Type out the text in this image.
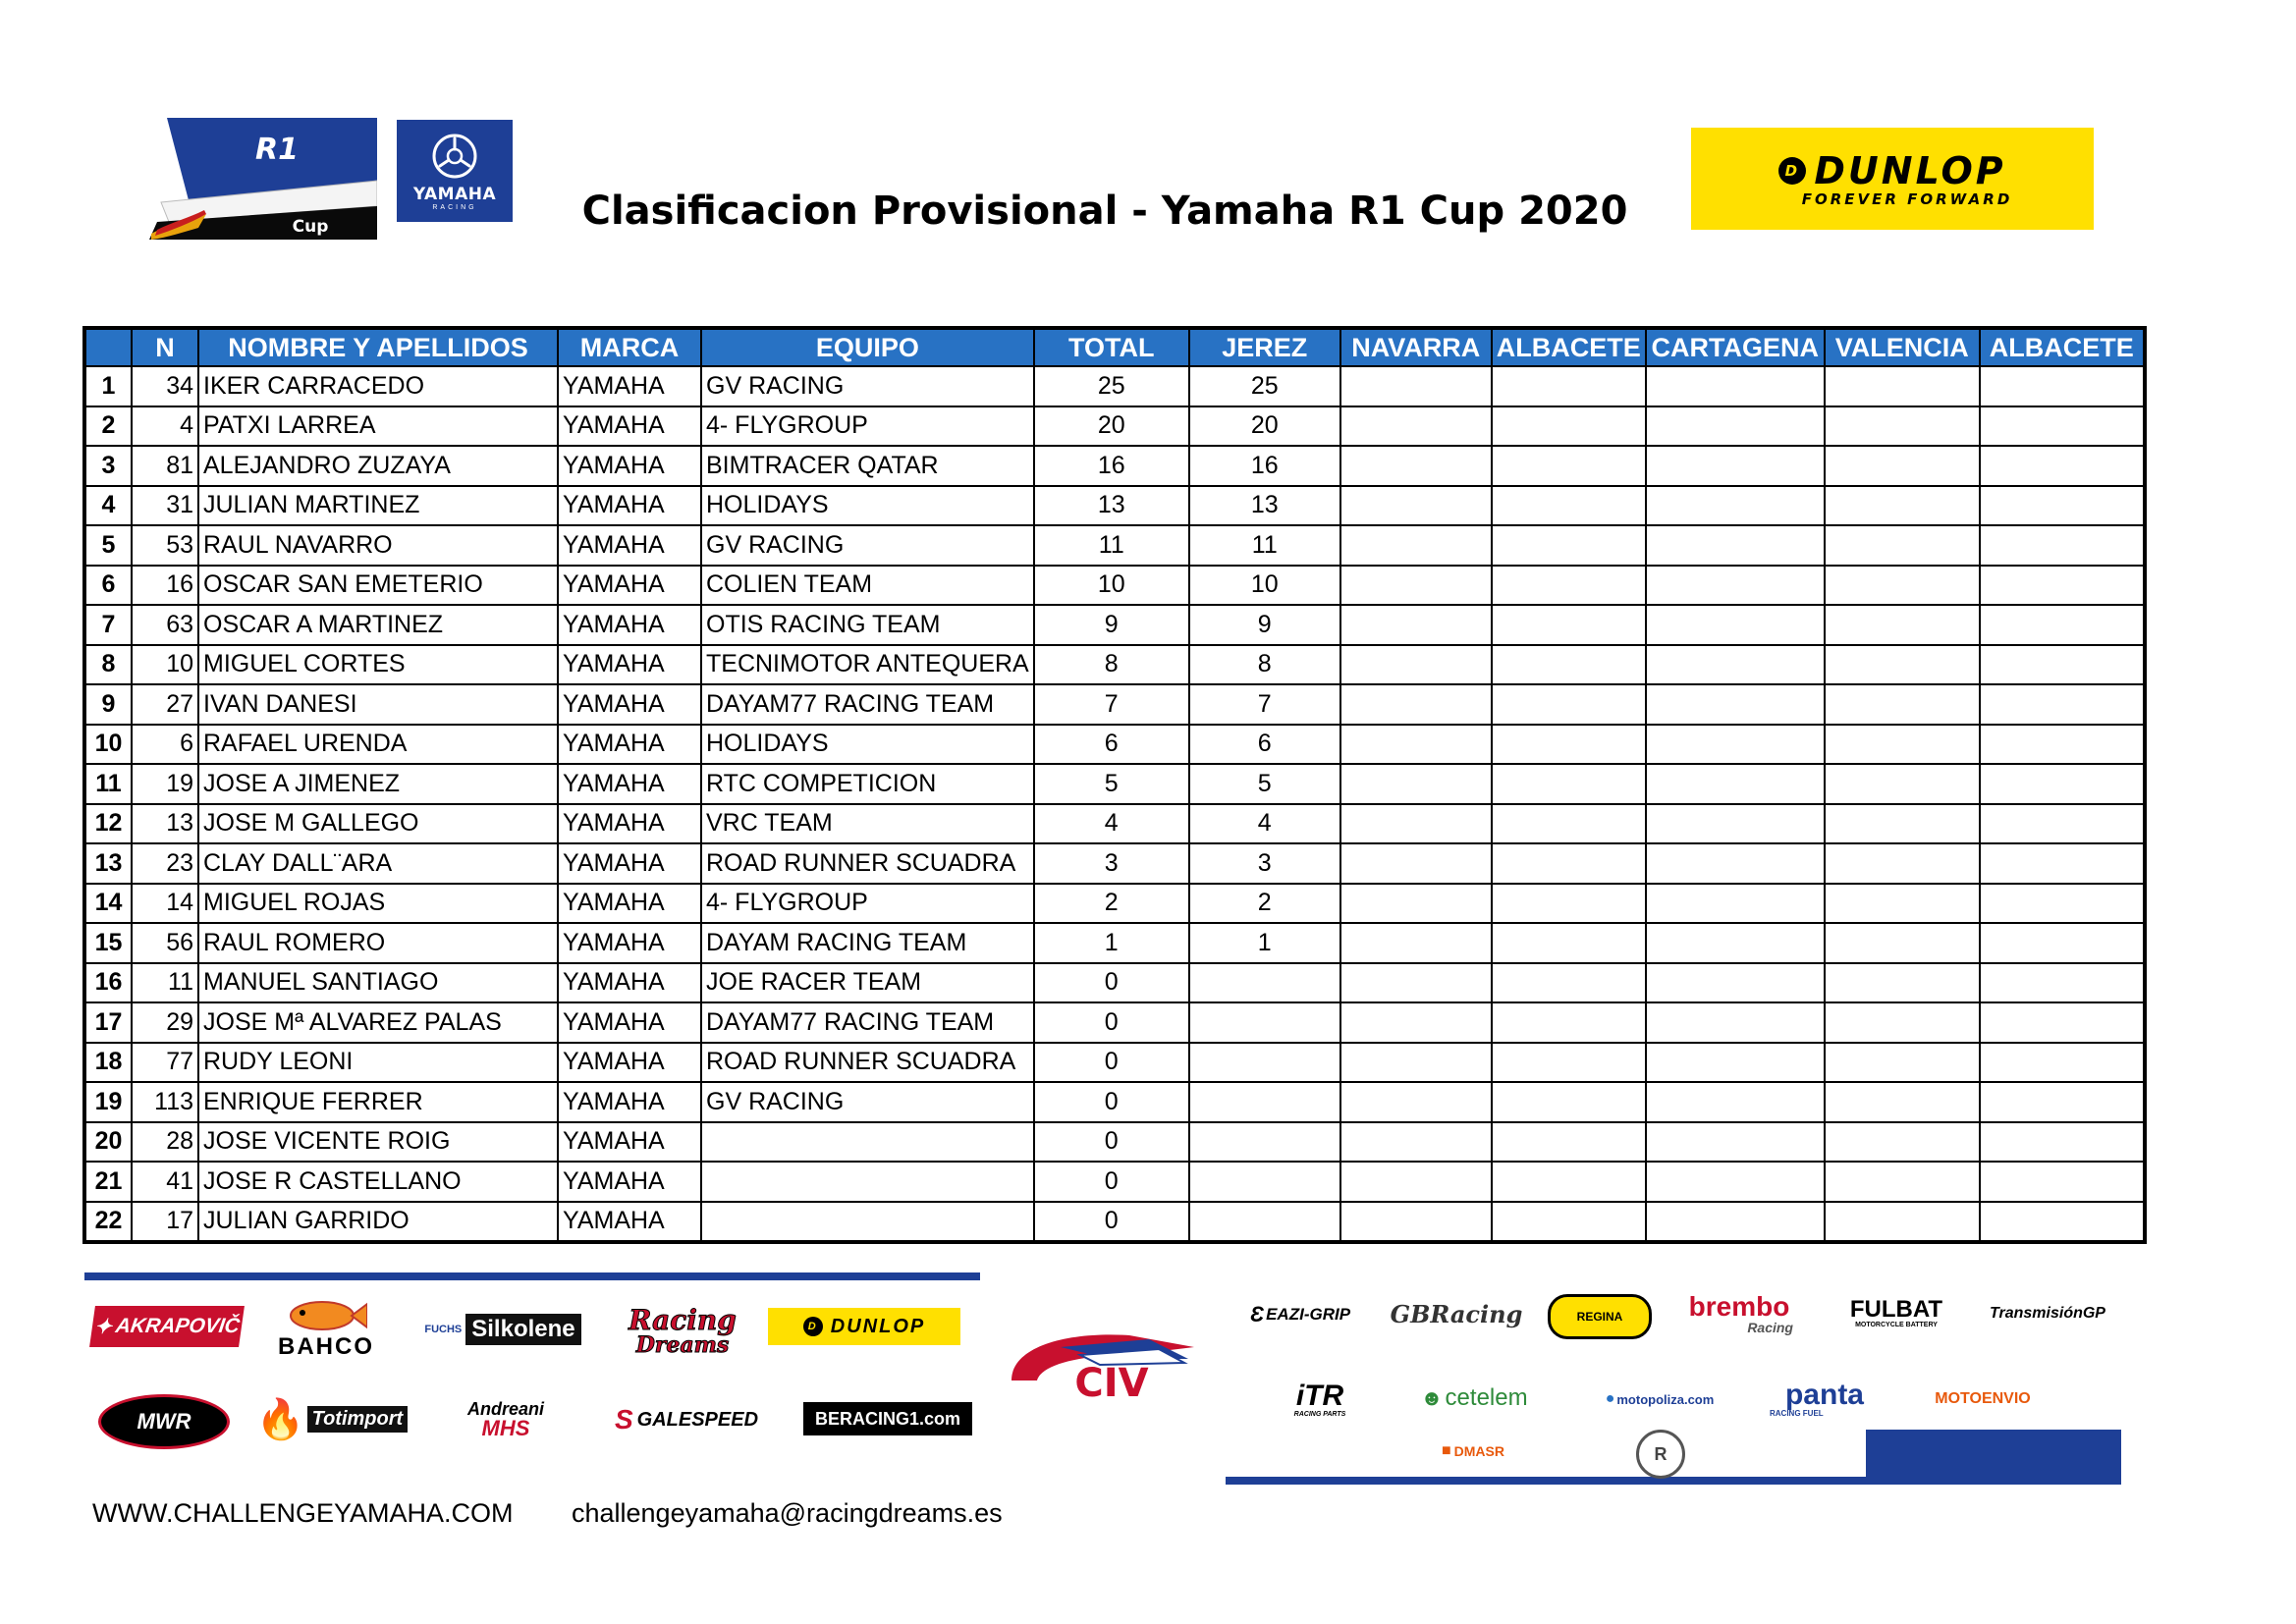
R1
Cup
YAMAHA
RACING	Clasificacion Provisional - Yamaha R1 Cup 2020
D DUNLOP
FOREVER FORWARD
	N	NOMBRE Y APELLIDOS	MARCA	EQUIPO	TOTAL	JEREZ	NAVARRA	ALBACETE	CARTAGENA	VALENCIA	ALBACETE
1	34	IKER CARRACEDO	YAMAHA	GV RACING	25	25					
2	4	PATXI LARREA	YAMAHA	4- FLYGROUP	20	20					
3	81	ALEJANDRO ZUZAYA	YAMAHA	BIMTRACER QATAR	16	16					
4	31	JULIAN MARTINEZ	YAMAHA	HOLIDAYS	13	13					
5	53	RAUL NAVARRO	YAMAHA	GV RACING	11	11					
6	16	OSCAR SAN EMETERIO	YAMAHA	COLIEN TEAM	10	10					
7	63	OSCAR A MARTINEZ	YAMAHA	OTIS RACING TEAM	9	9					
8	10	MIGUEL CORTES	YAMAHA	TECNIMOTOR ANTEQUERA	8	8					
9	27	IVAN DANESI	YAMAHA	DAYAM77 RACING TEAM	7	7					
10	6	RAFAEL URENDA	YAMAHA	HOLIDAYS	6	6					
11	19	JOSE A JIMENEZ	YAMAHA	RTC COMPETICION	5	5					
12	13	JOSE M GALLEGO	YAMAHA	VRC TEAM	4	4					
13	23	CLAY DALL¨ARA	YAMAHA	ROAD RUNNER SCUADRA	3	3					
14	14	MIGUEL ROJAS	YAMAHA	4- FLYGROUP	2	2					
15	56	RAUL ROMERO	YAMAHA	DAYAM RACING TEAM	1	1					
16	11	MANUEL SANTIAGO	YAMAHA	JOE RACER TEAM	0						
17	29	JOSE Mª ALVAREZ PALAS	YAMAHA	DAYAM77 RACING TEAM	0						
18	77	RUDY LEONI	YAMAHA	ROAD RUNNER SCUADRA	0						
19	113	ENRIQUE FERRER	YAMAHA	GV RACING	0						
20	28	JOSE VICENTE ROIG	YAMAHA		0						
21	41	JOSE R CASTELLANO	YAMAHA		0						
22	17	JULIAN GARRIDO	YAMAHA		0						
✦ AKRAPOVIČ
BAHCO
FUCHS Silkolene Racing
Dreams
D DUNLOP
MWR 🔥 Totimport	Andreani
MHS	S GALESPEED	BERACING1.com
CIV
Ɛ EAZI-GRIP GBRacing	REGINA brembo
Racing
FULBAT
MOTORCYCLE BATTERY
TransmisiónGP
iTR
RACING PARTS
☻ cetelem	● motopoliza.com panta
RACING FUEL
MOTOENVIO
■ DMASR	R
WWW.CHALLENGEYAMAHA.COM challengeyamaha@racingdreams.es
